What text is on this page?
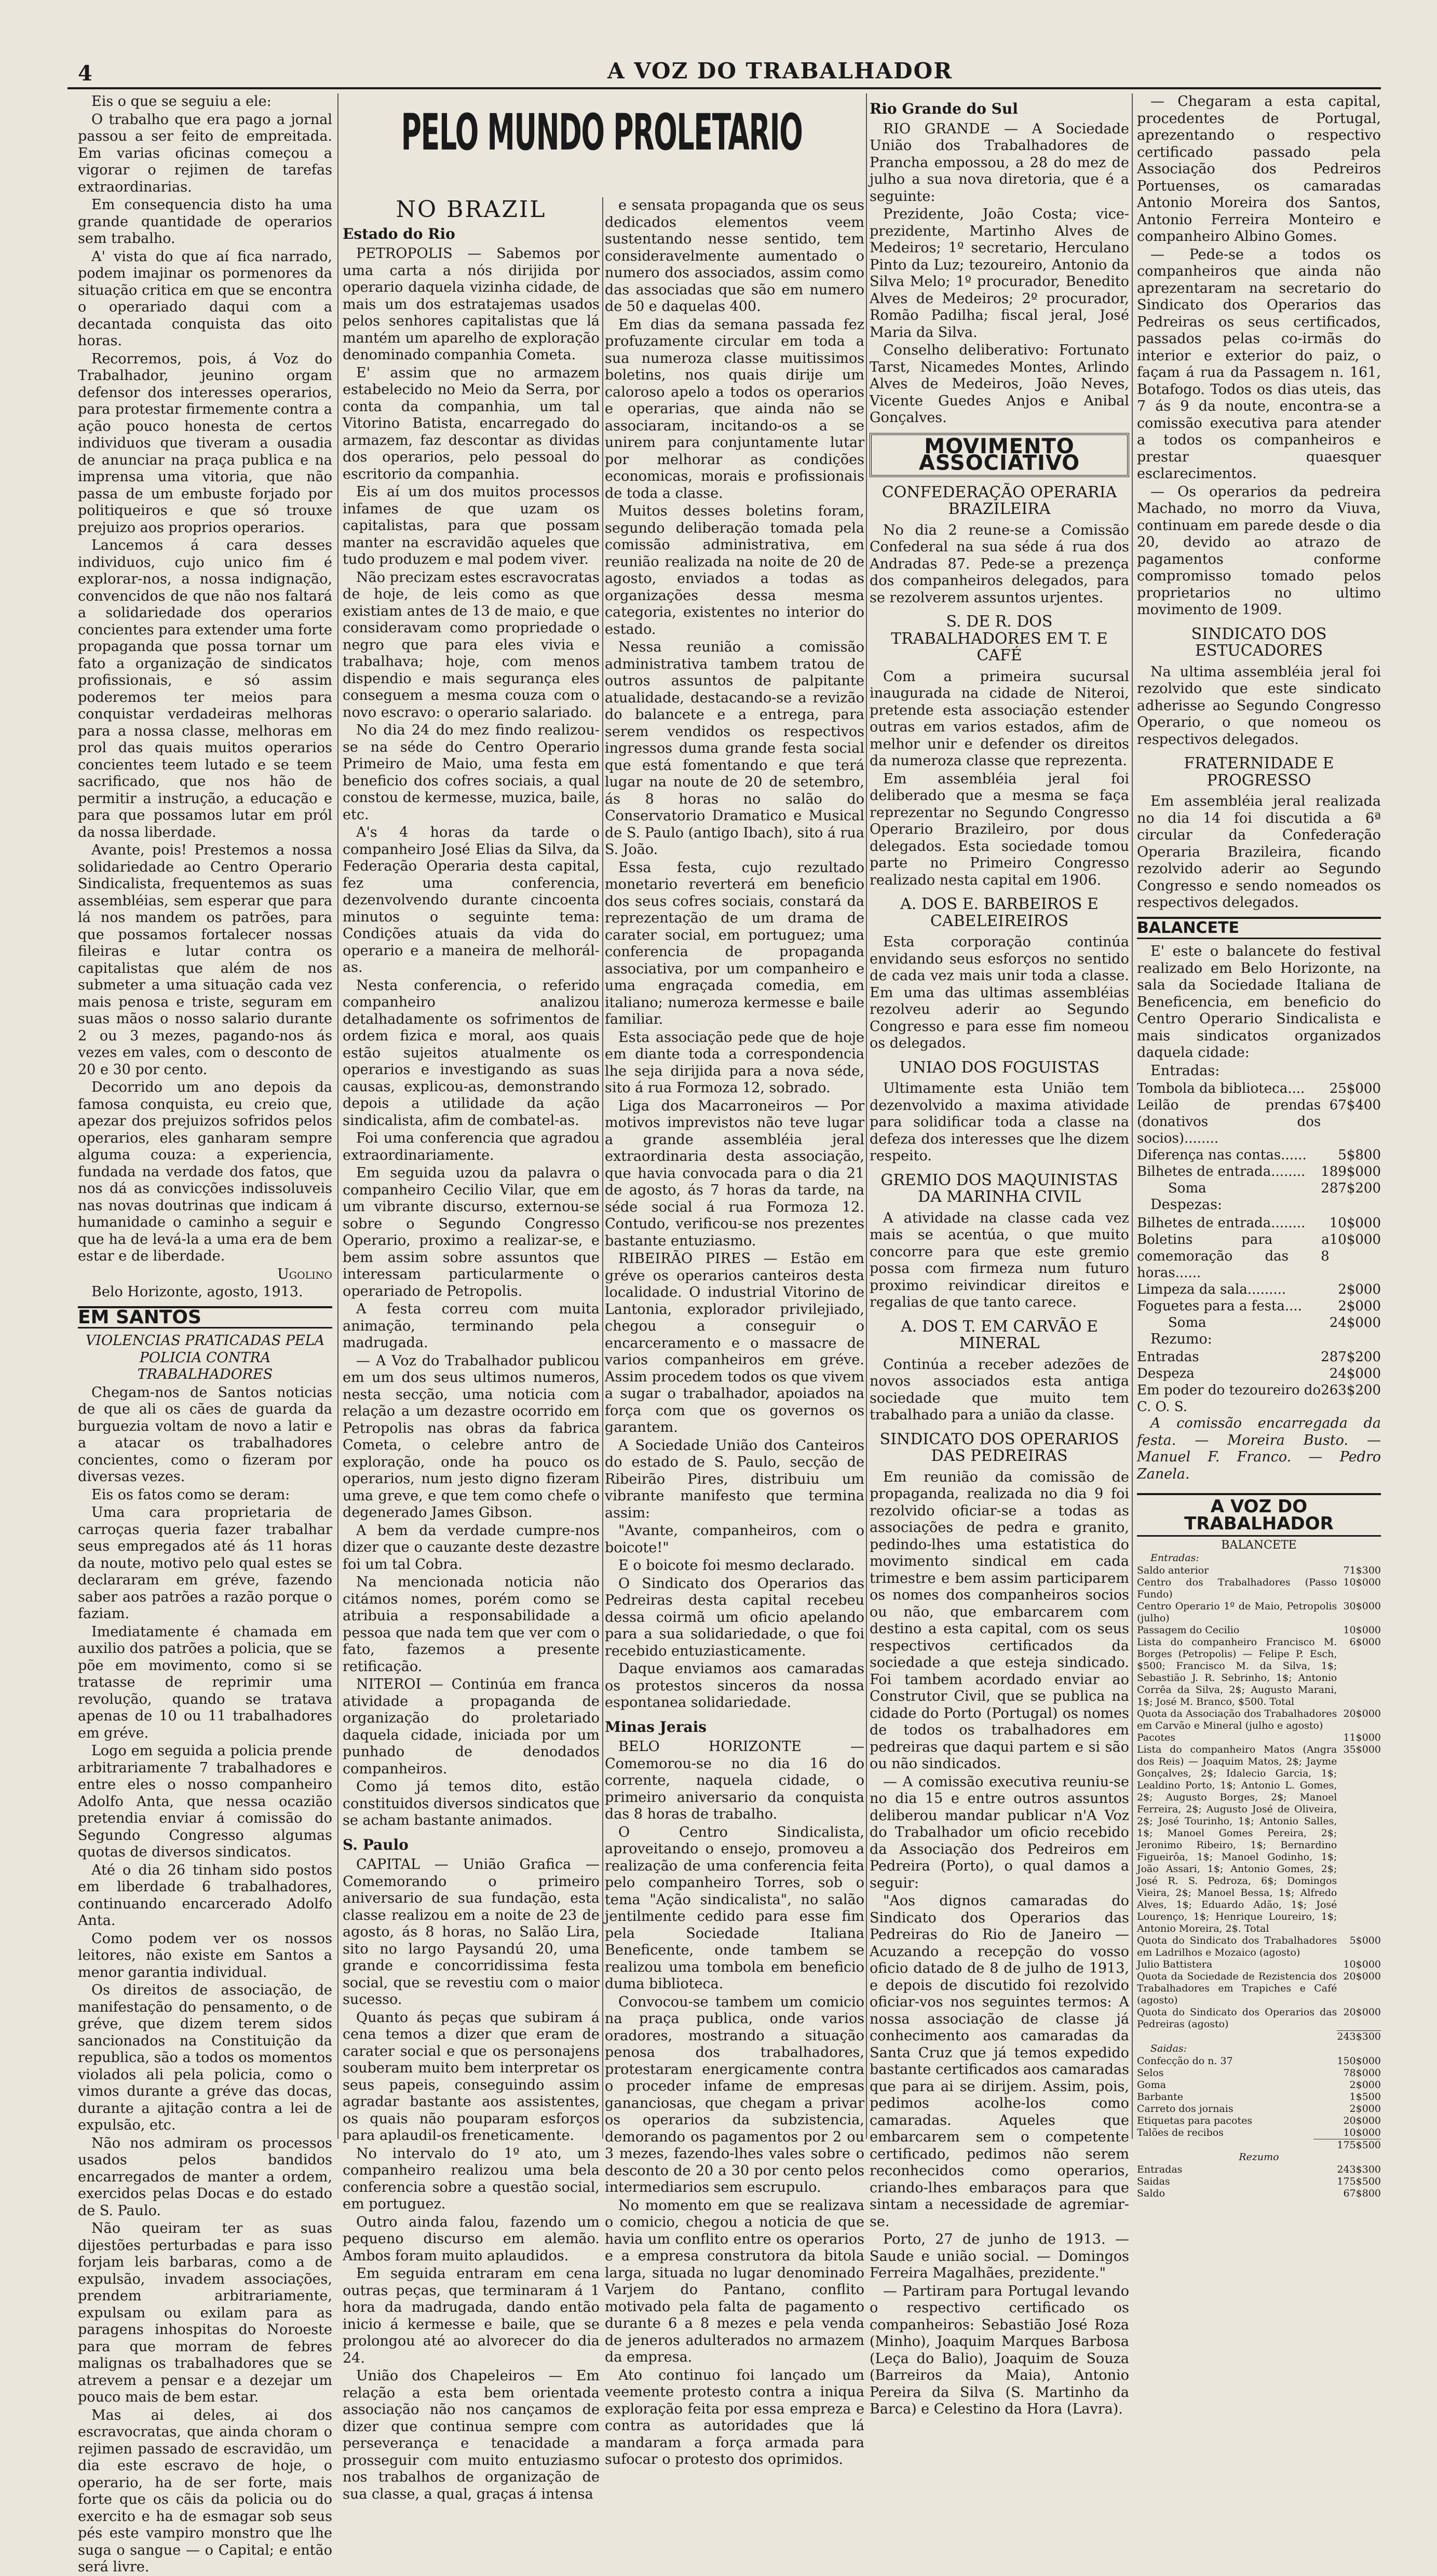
4	A VOZ DO TRABALHADOR

Eis o que se seguiu a ele:

O trabalho que era pago a jornal passou a ser feito de empreitada. Em varias oficinas começou a vigorar o rejimen de tarefas extraordinarias.

Em consequencia disto ha uma grande quantidade de operarios sem trabalho.

A' vista do que aí fica narrado, podem imajinar os pormenores da situação critica em que se encontra o operariado daqui com a decantada conquista das oito horas.

Recorremos, pois, á Voz do Trabalhador, jeunino orgam defensor dos interesses operarios, para protestar firmemente contra a ação pouco honesta de certos individuos que tiveram a ousadia de anunciar na praça publica e na imprensa uma vitoria, que não passa de um embuste forjado por politiqueiros e que só trouxe prejuizo aos proprios operarios.

Lancemos á cara desses individuos, cujo unico fim é explorar-nos, a nossa indignação, convencidos de que não nos faltará a solidariedade dos operarios concientes para extender uma forte propaganda que possa tornar um fato a organização de sindicatos profissionais, e só assim poderemos ter meios para conquistar verdadeiras melhoras para a nossa classe, melhoras em prol das quais muitos operarios concientes teem lutado e se teem sacrificado, que nos hão de permitir a instrução, a educação e para que possamos lutar em pról da nossa liberdade.

Avante, pois! Prestemos a nossa solidariedade ao Centro Operario Sindicalista, frequentemos as suas assembléias, sem esperar que para lá nos mandem os patrões, para que possamos fortalecer nossas fileiras e lutar contra os capitalistas que além de nos submeter a uma situação cada vez mais penosa e triste, seguram em suas mãos o nosso salario durante 2 ou 3 mezes, pagando-nos ás vezes em vales, com o desconto de 20 e 30 por cento.

Decorrido um ano depois da famosa conquista, eu creio que, apezar dos prejuizos sofridos pelos operarios, eles ganharam sempre alguma couza: a experiencia, fundada na verdade dos fatos, que nos dá as convicções indissoluveis nas novas doutrinas que indicam á humanidade o caminho a seguir e que ha de levá-la a uma era de bem estar e de liberdade.

Ugolino

Belo Horizonte, agosto, 1913.

EM SANTOS

VIOLENCIAS PRATICADAS PELA POLICIA CONTRA TRABALHADORES

Chegam-nos de Santos noticias de que ali os cães de guarda da burguezia voltam de novo a latir e a atacar os trabalhadores concientes, como o fizeram por diversas vezes.

Eis os fatos como se deram:

Uma cara proprietaria de carroças queria fazer trabalhar seus empregados até ás 11 horas da noute, motivo pelo qual estes se declararam em gréve, fazendo saber aos patrões a razão porque o faziam.

Imediatamente é chamada em auxilio dos patrões a policia, que se põe em movimento, como si se tratasse de reprimir uma revolução, quando se tratava apenas de 10 ou 11 trabalhadores em gréve.

Logo em seguida a policia prende arbitrariamente 7 trabalhadores e entre eles o nosso companheiro Adolfo Anta, que nessa ocazião pretendia enviar á comissão do Segundo Congresso algumas quotas de diversos sindicatos.

Até o dia 26 tinham sido postos em liberdade 6 trabalhadores, continuando encarcerado Adolfo Anta.

Como podem ver os nossos leitores, não existe em Santos a menor garantia individual.

Os direitos de associação, de manifestação do pensamento, o de gréve, que dizem terem sidos sancionados na Constituição da republica, são a todos os momentos violados ali pela policia, como o vimos durante a gréve das docas, durante a ajitação contra a lei de expulsão, etc.

Não nos admiram os processos usados pelos bandidos encarregados de manter a ordem, exercidos pelas Docas e do estado de S. Paulo.

Não queiram ter as suas dijestões perturbadas e para isso forjam leis barbaras, como a de expulsão, invadem associações, prendem arbitrariamente, expulsam ou exilam para as paragens inhospitas do Noroeste para que morram de febres malignas os trabalhadores que se atrevem a pensar e a dezejar um pouco mais de bem estar.

Mas ai deles, ai dos escravocratas, que ainda choram o rejimen passado de escravidão, um dia este escravo de hoje, o operario, ha de ser forte, mais forte que os cãis da policia ou do exercito e ha de esmagar sob seus pés este vampiro monstro que lhe suga o sangue — o Capital; e então será livre.

PELO MUNDO PROLETARIO
NO BRAZIL
Estado do Rio

PETROPOLIS — Sabemos por uma carta a nós dirijida por operario daquela vizinha cidade, de mais um dos estratajemas usados pelos senhores capitalistas que lá mantém um aparelho de exploração denominado companhia Cometa.

E' assim que no armazem estabelecido no Meio da Serra, por conta da companhia, um tal Vitorino Batista, encarregado do armazem, faz descontar as dividas dos operarios, pelo pessoal do escritorio da companhia.

Eis aí um dos muitos processos infames de que uzam os capitalistas, para que possam manter na escravidão aqueles que tudo produzem e mal podem viver.

Não precizam estes escravocratas de hoje, de leis como as que existiam antes de 13 de maio, e que consideravam como propriedade o negro que para eles vivia e trabalhava; hoje, com menos dispendio e mais segurança eles conseguem a mesma couza com o novo escravo: o operario salariado.

No dia 24 do mez findo realizou-se na séde do Centro Operario Primeiro de Maio, uma festa em beneficio dos cofres sociais, a qual constou de kermesse, muzica, baile, etc.

A's 4 horas da tarde o companheiro José Elias da Silva, da Federação Operaria desta capital, fez uma conferencia, dezenvolvendo durante cincoenta minutos o seguinte tema: Condições atuais da vida do operario e a maneira de melhorál-as.

Nesta conferencia, o referido companheiro analizou detalhadamente os sofrimentos de ordem fizica e moral, aos quais estão sujeitos atualmente os operarios e investigando as suas causas, explicou-as, demonstrando depois a utilidade da ação sindicalista, afim de combatel-as.

Foi uma conferencia que agradou extraordinariamente.

Em seguida uzou da palavra o companheiro Cecilio Vilar, que em um vibrante discurso, externou-se sobre o Segundo Congresso Operario, proximo a realizar-se, e bem assim sobre assuntos que interessam particularmente o operariado de Petropolis.

A festa correu com muita animação, terminando pela madrugada.

— A Voz do Trabalhador publicou em um dos seus ultimos numeros, nesta secção, uma noticia com relação a um dezastre ocorrido em Petropolis nas obras da fabrica Cometa, o celebre antro de exploração, onde ha pouco os operarios, num jesto digno fizeram uma greve, e que tem como chefe o degenerado James Gibson.

A bem da verdade cumpre-nos dizer que o cauzante deste dezastre foi um tal Cobra.

Na mencionada noticia não citámos nomes, porém como se atribuia a responsabilidade a pessoa que nada tem que ver com o fato, fazemos a presente retificação.

NITEROI — Continúa em franca atividade a propaganda de organização do proletariado daquela cidade, iniciada por um punhado de denodados companheiros.

Como já temos dito, estão constituidos diversos sindicatos que se acham bastante animados.

S. Paulo

CAPITAL — União Grafica — Comemorando o primeiro aniversario de sua fundação, esta classe realizou em a noite de 23 de agosto, ás 8 horas, no Salão Lira, sito no largo Paysandú 20, uma grande e concorridissima festa social, que se revestiu com o maior sucesso.

Quanto ás peças que subiram á cena temos a dizer que eram de carater social e que os personajens souberam muito bem interpretar os seus papeis, conseguindo assim agradar bastante aos assistentes, os quais não pouparam esforços para aplaudil-os freneticamente.

No intervalo do 1º ato, um companheiro realizou uma bela conferencia sobre a questão social, em portuguez.

Outro ainda falou, fazendo um pequeno discurso em alemão. Ambos foram muito aplaudidos.

Em seguida entraram em cena outras peças, que terminaram á 1 hora da madrugada, dando então inicio á kermesse e baile, que se prolongou até ao alvorecer do dia 24.

União dos Chapeleiros — Em relação a esta bem orientada associação não nos cançamos de dizer que continua sempre com perseverança e tenacidade a prosseguir com muito entuziasmo nos trabalhos de organização de sua classe, a qual, graças á intensa

e sensata propaganda que os seus dedicados elementos veem sustentando nesse sentido, tem consideravelmente aumentado o numero dos associados, assim como das associadas que são em numero de 50 e daquelas 400.

Em dias da semana passada fez profuzamente circular em toda a sua numeroza classe muitissimos boletins, nos quais dirije um caloroso apelo a todos os operarios e operarias, que ainda não se associaram, incitando-os a se unirem para conjuntamente lutar por melhorar as condições economicas, morais e profissionais de toda a classe.

Muitos desses boletins foram, segundo deliberação tomada pela comissão administrativa, em reunião realizada na noite de 20 de agosto, enviados a todas as organizações dessa mesma categoria, existentes no interior do estado.

Nessa reunião a comissão administrativa tambem tratou de outros assuntos de palpitante atualidade, destacando-se a revizão do balancete e a entrega, para serem vendidos os respectivos ingressos duma grande festa social que está fomentando e que terá lugar na noute de 20 de setembro, ás 8 horas no salão do Conservatorio Dramatico e Musical de S. Paulo (antigo Ibach), sito á rua S. João.

Essa festa, cujo rezultado monetario reverterá em beneficio dos seus cofres sociais, constará da reprezentação de um drama de carater social, em portuguez; uma conferencia de propaganda associativa, por um companheiro e uma engraçada comedia, em italiano; numeroza kermesse e baile familiar.

Esta associação pede que de hoje em diante toda a correspondencia lhe seja dirijida para a nova séde, sito á rua Formoza 12, sobrado.

Liga dos Macarroneiros — Por motivos imprevistos não teve lugar a grande assembléia jeral extraordinaria desta associação, que havia convocada para o dia 21 de agosto, ás 7 horas da tarde, na séde social á rua Formoza 12. Contudo, verificou-se nos prezentes bastante entuziasmo.

RIBEIRÃO PIRES — Estão em gréve os operarios canteiros desta localidade. O industrial Vitorino de Lantonia, explorador privilejiado, chegou a conseguir o encarceramento e o massacre de varios companheiros em gréve. Assim procedem todos os que vivem a sugar o trabalhador, apoiados na força com que os governos os garantem.

A Sociedade União dos Canteiros do estado de S. Paulo, secção de Ribeirão Pires, distribuiu um vibrante manifesto que termina assim:

"Avante, companheiros, com o boicote!"

E o boicote foi mesmo declarado.

O Sindicato dos Operarios das Pedreiras desta capital recebeu dessa coirmã um oficio apelando para a sua solidariedade, o que foi recebido entuziasticamente.

Daque enviamos aos camaradas os protestos sinceros da nossa espontanea solidariedade.

Minas Jerais

BELO HORIZONTE — Comemorou-se no dia 16 do corrente, naquela cidade, o primeiro aniversario da conquista das 8 horas de trabalho.

O Centro Sindicalista, aproveitando o ensejo, promoveu a realização de uma conferencia feita pelo companheiro Torres, sob o tema "Ação sindicalista", no salão jentilmente cedido para esse fim pela Sociedade Italiana Beneficente, onde tambem se realizou uma tombola em beneficio duma biblioteca.

Convocou-se tambem um comicio na praça publica, onde varios oradores, mostrando a situação penosa dos trabalhadores, protestaram energicamente contra o proceder infame de empresas gananciosas, que chegam a privar os operarios da subzistencia, demorando os pagamentos por 2 ou 3 mezes, fazendo-lhes vales sobre o desconto de 20 a 30 por cento pelos intermediarios sem escrupulo.

No momento em que se realizava o comicio, chegou a noticia de que havia um conflito entre os operarios e a empresa construtora da bitola larga, situada no lugar denominado Varjem do Pantano, conflito motivado pela falta de pagamento durante 6 a 8 mezes e pela venda de jeneros adulterados no armazem da empresa.

Ato continuo foi lançado um veemente protesto contra a iniqua exploração feita por essa empreza e contra as autoridades que lá mandaram a força armada para sufocar o protesto dos oprimidos.

Rio Grande do Sul

RIO GRANDE — A Sociedade União dos Trabalhadores de Prancha empossou, a 28 do mez de julho a sua nova diretoria, que é a seguinte:

Prezidente, João Costa; vice-prezidente, Martinho Alves de Medeiros; 1º secretario, Herculano Pinto da Luz; tezoureiro, Antonio da Silva Melo; 1º procurador, Benedito Alves de Medeiros; 2º procurador, Romão Padilha; fiscal jeral, José Maria da Silva.

Conselho deliberativo: Fortunato Tarst, Nicamedes Montes, Arlindo Alves de Medeiros, João Neves, Vicente Guedes Anjos e Anibal Gonçalves.

MOVIMENTO ASSOCIATIVO

CONFEDERAÇÃO OPERARIA BRAZILEIRA

No dia 2 reune-se a Comissão Confederal na sua séde á rua dos Andradas 87. Pede-se a prezença dos companheiros delegados, para se rezolverem assuntos urjentes.

S. DE R. DOS TRABALHADORES EM T. E CAFÉ

Com a primeira sucursal inaugurada na cidade de Niteroi, pretende esta associação estender outras em varios estados, afim de melhor unir e defender os direitos da numeroza classe que reprezenta.

Em assembléia jeral foi deliberado que a mesma se faça reprezentar no Segundo Congresso Operario Brazileiro, por dous delegados. Esta sociedade tomou parte no Primeiro Congresso realizado nesta capital em 1906.

A. DOS E. BARBEIROS E CABELEIREIROS

Esta corporação continúa envidando seus esforços no sentido de cada vez mais unir toda a classe. Em uma das ultimas assembléias rezolveu aderir ao Segundo Congresso e para esse fim nomeou os delegados.

UNIAO DOS FOGUISTAS

Ultimamente esta União tem dezenvolvido a maxima atividade para solidificar toda a classe na defeza dos interesses que lhe dizem respeito.

GREMIO DOS MAQUINISTAS DA MARINHA CIVIL

A atividade na classe cada vez mais se acentúa, o que muito concorre para que este gremio possa com firmeza num futuro proximo reivindicar direitos e regalias de que tanto carece.

A. DOS T. EM CARVÃO E MINERAL

Continúa a receber adezões de novos associados esta antiga sociedade que muito tem trabalhado para a união da classe.

SINDICATO DOS OPERARIOS DAS PEDREIRAS

Em reunião da comissão de propaganda, realizada no dia 9 foi rezolvido oficiar-se a todas as associações de pedra e granito, pedindo-lhes uma estatistica do movimento sindical em cada trimestre e bem assim participarem os nomes dos companheiros socios ou não, que embarcarem com destino a esta capital, com os seus respectivos certificados da sociedade a que esteja sindicado. Foi tambem acordado enviar ao Construtor Civil, que se publica na cidade do Porto (Portugal) os nomes de todos os trabalhadores em pedreiras que daqui partem e si são ou não sindicados.

— A comissão executiva reuniu-se no dia 15 e entre outros assuntos deliberou mandar publicar n'A Voz do Trabalhador um oficio recebido da Associação dos Pedreiros em Pedreira (Porto), o qual damos a seguir:

"Aos dignos camaradas do Sindicato dos Operarios das Pedreiras do Rio de Janeiro — Acuzando a recepção do vosso oficio datado de 8 de julho de 1913, e depois de discutido foi rezolvido oficiar-vos nos seguintes termos: A nossa associação de classe já conhecimento aos camaradas da Santa Cruz que já temos expedido bastante certificados aos camaradas que para ai se dirijem. Assim, pois, pedimos acolhe-los como camaradas. Aqueles que embarcarem sem o competente certificado, pedimos não serem reconhecidos como operarios, criando-lhes embaraços para que sintam a necessidade de agremiar-se.

Porto, 27 de junho de 1913. — Saude e união social. — Domingos Ferreira Magalhães, prezidente."

— Partiram para Portugal levando o respectivo certificado os companheiros: Sebastião José Roza (Minho), Joaquim Marques Barbosa (Leça do Balio), Joaquim de Souza (Barreiros da Maia), Antonio Pereira da Silva (S. Martinho da Barca) e Celestino da Hora (Lavra).

— Chegaram a esta capital, procedentes de Portugal, aprezentando o respectivo certificado passado pela Associação dos Pedreiros Portuenses, os camaradas Antonio Moreira dos Santos, Antonio Ferreira Monteiro e companheiro Albino Gomes.

— Pede-se a todos os companheiros que ainda não aprezentaram na secretario do Sindicato dos Operarios das Pedreiras os seus certificados, passados pelas co-irmãs do interior e exterior do paiz, o façam á rua da Passagem n. 161, Botafogo. Todos os dias uteis, das 7 ás 9 da noute, encontra-se a comissão executiva para atender a todos os companheiros e prestar quaesquer esclarecimentos.

— Os operarios da pedreira Machado, no morro da Viuva, continuam em parede desde o dia 20, devido ao atrazo de pagamentos conforme compromisso tomado pelos proprietarios no ultimo movimento de 1909.

SINDICATO DOS ESTUCADORES

Na ultima assembléia jeral foi rezolvido que este sindicato adherisse ao Segundo Congresso Operario, o que nomeou os respectivos delegados.

FRATERNIDADE E PROGRESSO

Em assembléia jeral realizada no dia 14 foi discutida a 6ª circular da Confederação Operaria Brazileira, ficando rezolvido aderir ao Segundo Congresso e sendo nomeados os respectivos delegados.

BALANCETE

E' este o balancete do festival realizado em Belo Horizonte, na sala da Sociedade Italiana de Beneficencia, em beneficio do Centro Operario Sindicalista e mais sindicatos organizados daquela cidade:

Entradas:

Tombola da biblioteca....	25$000
Leilão de prendas (donativos dos socios)........	67$400
Diferença nas contas......	5$800
Bilhetes de entrada........	189$000
Soma	287$200

Despezas:

Bilhetes de entrada........	10$000
Boletins para a comemoração das 8 horas......	10$000
Limpeza da sala.........	2$000
Foguetes para a festa....	2$000
Soma	24$000

Rezumo:

Entradas	287$200
Despeza	24$000
Em poder do tezoureiro do C. O. S.	263$200

A comissão encarregada da festa. — Moreira Busto. — Manuel F. Franco. — Pedro Zanela.

A VOZ DO TRABALHADOR

BALANCETE

Entradas:

Saldo anterior	71$300
Centro dos Trabalhadores (Passo Fundo)	10$000
Centro Operario 1º de Maio, Petropolis (julho)	30$000
Passagem do Cecilio	10$000
Lista do companheiro Francisco M. Borges (Petropolis) — Felipe P. Esch, $500; Francisco M. da Silva, 1$; Sebastião J. R. Sebrinho, 1$; Antonio Corrêa da Silva, 2$; Augusto Marani, 1$; José M. Branco, $500. Total	6$000
Quota da Associação dos Trabalhadores em Carvão e Mineral (julho e agosto)	20$000
Pacotes	11$000
Lista do companheiro Matos (Angra dos Reis) — Joaquim Matos, 2$; Jayme Gonçalves, 2$; Idalecio Garcia, 1$; Lealdino Porto, 1$; Antonio L. Gomes, 2$; Augusto Borges, 2$; Manoel Ferreira, 2$; Augusto José de Oliveira, 2$; José Tourinho, 1$; Antonio Salles, 1$; Manoel Gomes Pereira, 2$; Jeronimo Ribeiro, 1$; Bernardino Figueirôa, 1$; Manoel Godinho, 1$; João Assari, 1$; Antonio Gomes, 2$; José R. S. Pedroza, 6$; Domingos Vieira, 2$; Manoel Bessa, 1$; Alfredo Alves, 1$; Eduardo Adão, 1$; José Lourenço, 1$; Henrique Loureiro, 1$; Antonio Moreira, 2$. Total	35$000
Quota do Sindicato dos Trabalhadores em Ladrilhos e Mozaico (agosto)	5$000
Julio Battistera	10$000
Quota da Sociedade de Rezistencia dos Trabalhadores em Trapiches e Café (agosto)	20$000
Quota do Sindicato dos Operarios das Pedreiras (agosto)	20$000
	243$300

Saidas:

Confecção do n. 37	150$000
Selos	78$000
Goma	2$000
Barbante	1$500
Carreto dos jornais	2$000
Etiquetas para pacotes	20$000
Talões de recibos	10$000
	175$500

Rezumo

Entradas	243$300
Saidas	175$500
Saldo	67$800
